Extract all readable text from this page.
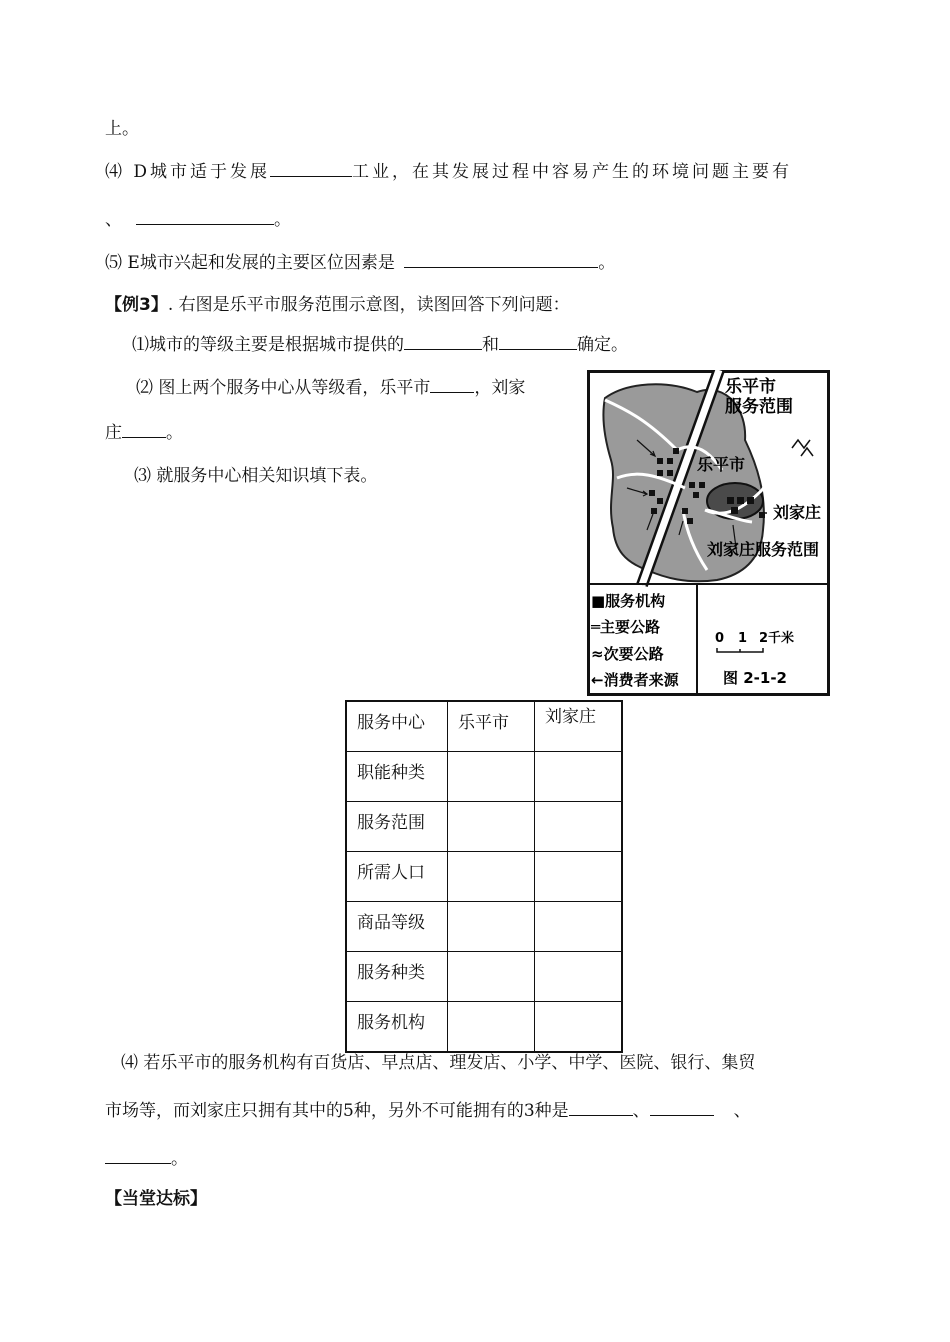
上。
⑷ D城市适于发展	工业，在其发展过程中容易产生的环境问题主要有
、	。
⑸ E城市兴起和发展的主要区位因素是	。
【例3】. 右图是乐平市服务范围示意图，读图回答下列问题：
⑴城市的等级主要是根据城市提供的	和	确定。
⑵ 图上两个服务中心从等级看，乐平市	，刘家
庄	。
⑶ 就服务中心相关知识填下表。
乐平市
服务范围
乐平市
刘家庄
刘家庄服务范围
■服务机构
═主要公路
≈次要公路
←消费者来源
0 1 2千米
图 2-1-2
服务中心	乐平市	刘家庄
职能种类		
服务范围		
所需人口		
商品等级		
服务种类		
服务机构		
⑷ 若乐平市的服务机构有百货店、早点店、理发店、小学、中学、医院、银行、集贸
市场等，而刘家庄只拥有其中的5种，另外不可能拥有的3种是	、	、
。
【当堂达标】
